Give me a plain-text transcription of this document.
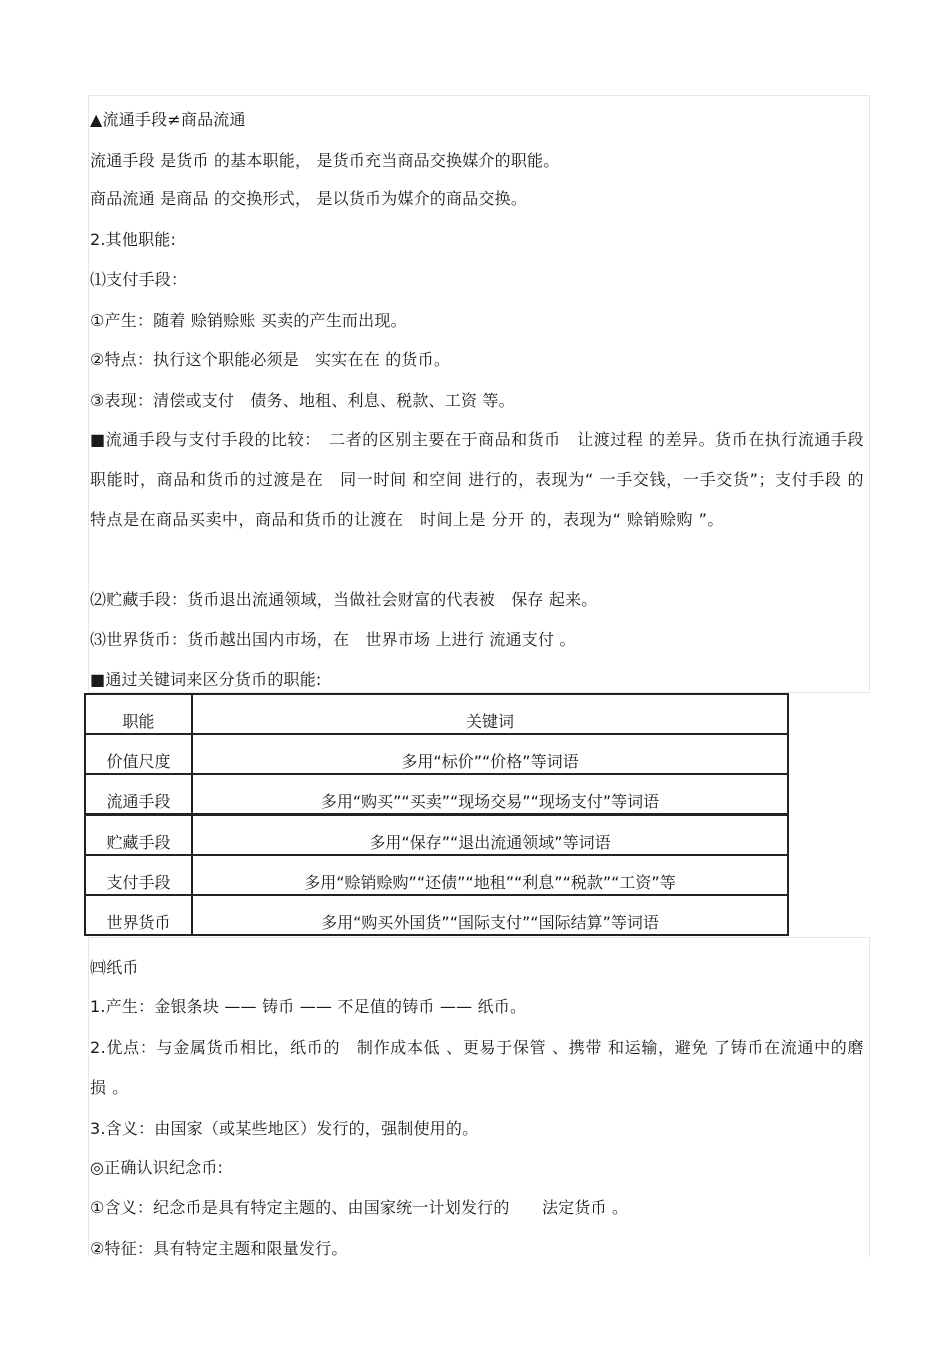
▲流通手段≠商品流通
流通手段 是货币 的基本职能， 是货币充当商品交换媒介的职能。
商品流通 是商品 的交换形式， 是以货币为媒介的商品交换。
2.其他职能:
⑴支付手段：
①产生：随着 赊销赊账 买卖的产生而出现。
②特点：执行这个职能必须是　实实在在 的货币。
③表现：清偿或支付　债务、地租、利息、税款、工资 等。
■流通手段与支付手段的比较：　二者的区别主要在于商品和货币　让渡过程 的差异。货币在执行流通手段 职能时，商品和货币的过渡是在　同一时间 和空间 进行的，表现为“ 一手交钱，一手交货”；支付手段 的特点是在商品买卖中，商品和货币的让渡在　时间上是 分开 的，表现为“ 赊销赊购 ”。
⑵贮藏手段：货币退出流通领域，当做社会财富的代表被　保存 起来。
⑶世界货币：货币越出国内市场，在　世界市场 上进行 流通支付 。
■通过关键词来区分货币的职能:
职能	关键词
价值尺度	多用“标价”“价格”等词语
流通手段	多用“购买”“买卖”“现场交易”“现场支付”等词语
贮藏手段	多用“保存”“退出流通领域”等词语
支付手段	多用“赊销赊购”“还债”“地租”“利息”“税款”“工资”等
世界货币	多用“购买外国货”“国际支付”“国际结算”等词语
㈣纸币
1.产生：金银条块 —— 铸币 —— 不足值的铸币 —— 纸币。
2.优点：与金属货币相比，纸币的　制作成本低 、更易于保管 、携带 和运输，避免 了铸币在流通中的磨损 。
3.含义：由国家（或某些地区）发行的，强制使用的。
◎正确认识纪念币:
①含义：纪念币是具有特定主题的、由国家统一计划发行的　　法定货币 。
②特征：具有特定主题和限量发行。
